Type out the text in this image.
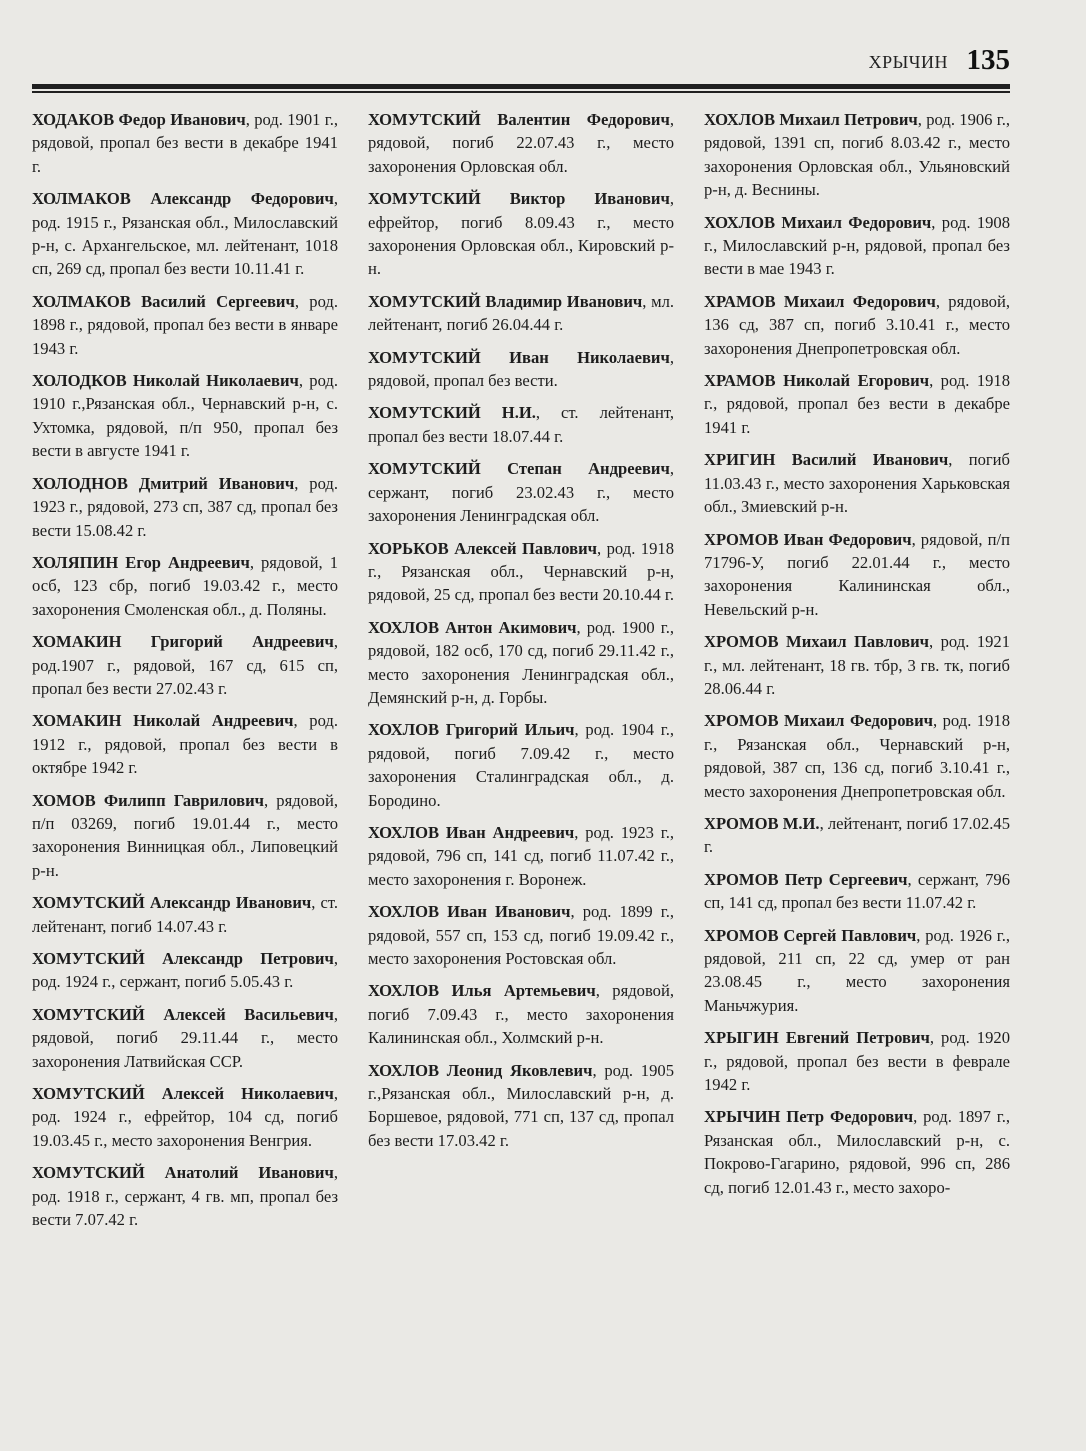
ХРЫЧИН 135

ХОДАКОВ Федор Иванович, род. 1901 г., рядовой, пропал без вести в декабре 1941 г.

ХОЛМАКОВ Александр Федорович, род. 1915 г., Рязанская обл., Милославский р-н, с. Архангельское, мл. лейтенант, 1018 сп, 269 сд, пропал без вести 10.11.41 г.

ХОЛМАКОВ Василий Сергеевич, род. 1898 г., рядовой, пропал без вести в январе 1943 г.

ХОЛОДКОВ Николай Николаевич, род. 1910 г.,Рязанская обл., Чернавский р-н, с. Ухтомка, рядовой, п/п 950, пропал без вести в августе 1941 г.

ХОЛОДНОВ Дмитрий Иванович, род. 1923 г., рядовой, 273 сп, 387 сд, пропал без вести 15.08.42 г.

ХОЛЯПИН Егор Андреевич, рядовой, 1 осб, 123 сбр, погиб 19.03.42 г., место захоронения Смоленская обл., д. Поляны.

ХОМАКИН Григорий Андреевич, род.1907 г., рядовой, 167 сд, 615 сп, пропал без вести 27.02.43 г.

ХОМАКИН Николай Андреевич, род. 1912 г., рядовой, пропал без вести в октябре 1942 г.

ХОМОВ Филипп Гаврилович, рядовой, п/п 03269, погиб 19.01.44 г., место захоронения Винницкая обл., Липовецкий р-н.

ХОМУТСКИЙ Александр Иванович, ст. лейтенант, погиб 14.07.43 г.

ХОМУТСКИЙ Александр Петрович, род. 1924 г., сержант, погиб 5.05.43 г.

ХОМУТСКИЙ Алексей Васильевич, рядовой, погиб 29.11.44 г., место захоронения Латвийская ССР.

ХОМУТСКИЙ Алексей Николаевич, род. 1924 г., ефрейтор, 104 сд, погиб 19.03.45 г., место захоронения Венгрия.

ХОМУТСКИЙ Анатолий Иванович, род. 1918 г., сержант, 4 гв. мп, пропал без вести 7.07.42 г.

ХОМУТСКИЙ Валентин Федорович, рядовой, погиб 22.07.43 г., место захоронения Орловская обл.

ХОМУТСКИЙ Виктор Иванович, ефрейтор, погиб 8.09.43 г., место захоронения Орловская обл., Кировский р- н.

ХОМУТСКИЙ Владимир Иванович, мл. лейтенант, погиб 26.04.44 г.

ХОМУТСКИЙ Иван Николаевич, рядовой, пропал без вести.

ХОМУТСКИЙ Н.И., ст. лейтенант, пропал без вести 18.07.44 г.

ХОМУТСКИЙ Степан Андреевич, сержант, погиб 23.02.43 г., место захоронения Ленинградская обл.

ХОРЬКОВ Алексей Павлович, род. 1918 г., Рязанская обл., Чернавский р-н, рядовой, 25 сд, пропал без вести 20.10.44 г.

ХОХЛОВ Антон Акимович, род. 1900 г., рядовой, 182 осб, 170 сд, погиб 29.11.42 г., место захоронения Ленинградская обл., Демянский р-н, д. Горбы.

ХОХЛОВ Григорий Ильич, род. 1904 г., рядовой, погиб 7.09.42 г., место захоронения Сталинградская обл., д. Бородино.

ХОХЛОВ Иван Андреевич, род. 1923 г., рядовой, 796 сп, 141 сд, погиб 11.07.42 г., место захоронения г. Воронеж.

ХОХЛОВ Иван Иванович, род. 1899 г., рядовой, 557 сп, 153 сд, погиб 19.09.42 г., место захоронения Ростовская обл.

ХОХЛОВ Илья Артемьевич, рядовой, погиб 7.09.43 г., место захоронения Калининская обл., Холмский р-н.

ХОХЛОВ Леонид Яковлевич, род. 1905 г.,Рязанская обл., Милославский р-н, д. Боршевое, рядовой, 771 сп, 137 сд, пропал без вести 17.03.42 г.

ХОХЛОВ Михаил Петрович, род. 1906 г., рядовой, 1391 сп, погиб 8.03.42 г., место захоронения Орловская обл., Ульяновский р-н, д. Веснины.

ХОХЛОВ Михаил Федорович, род. 1908 г., Милославский р-н, рядовой, пропал без вести в мае 1943 г.

ХРАМОВ Михаил Федорович, рядовой, 136 сд, 387 сп, погиб 3.10.41 г., место захоронения Днепропетровская обл.

ХРАМОВ Николай Егорович, род. 1918 г., рядовой, пропал без вести в декабре 1941 г.

ХРИГИН Василий Иванович, погиб 11.03.43 г., место захоронения Харьковская обл., Змиевский р-н.

ХРОМОВ Иван Федорович, рядовой, п/п 71796-У, погиб 22.01.44 г., место захоронения Калининская обл., Невельский р-н.

ХРОМОВ Михаил Павлович, род. 1921 г., мл. лейтенант, 18 гв. тбр, 3 гв. тк, погиб 28.06.44 г.

ХРОМОВ Михаил Федорович, род. 1918 г., Рязанская обл., Чернавский р-н, рядовой, 387 сп, 136 сд, погиб 3.10.41 г., место захоронения Днепропетровская обл.

ХРОМОВ М.И., лейтенант, погиб 17.02.45 г.

ХРОМОВ Петр Сергеевич, сержант, 796 сп, 141 сд, пропал без вести 11.07.42 г.

ХРОМОВ Сергей Павлович, род. 1926 г., рядовой, 211 сп, 22 сд, умер от ран 23.08.45 г., место захоронения Маньчжурия.

ХРЫГИН Евгений Петрович, род. 1920 г., рядовой, пропал без вести в феврале 1942 г.

ХРЫЧИН Петр Федорович, род. 1897 г., Рязанская обл., Милославский р-н, с. Покрово-Гагарино, рядовой, 996 сп, 286 сд, погиб 12.01.43 г., место захоро-
